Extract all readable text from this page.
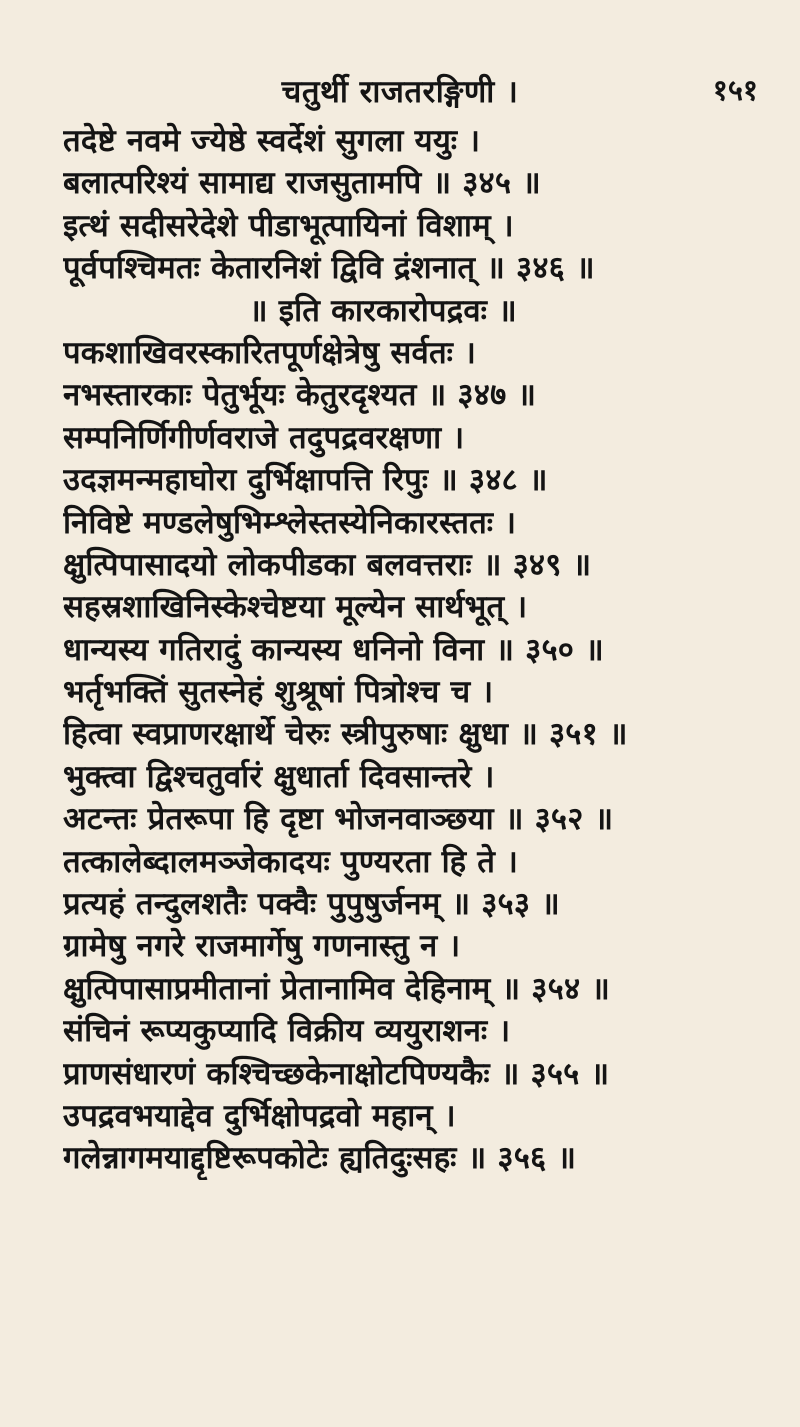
चतुर्थी राजतरङ्गिणी ।	१५१
तदेष्टे नवमे ज्येष्ठे स्वर्देशं सुगला ययुः ।
बलात्परिश्यं सामाद्य राजसुतामपि ॥ ३४५ ॥
इत्थं सदीसरेदेशे पीडाभूत्पायिनां विशाम् ।
पूर्वपश्चिमतः केतारनिशं द्विवि द्रंशनात् ॥ ३४६ ॥
॥ इति कारकारोपद्रवः ॥
पकशाखिवरस्कारितपूर्णक्षेत्रेषु सर्वतः ।
नभस्तारकाः पेतुर्भूयः केतुरदृश्यत ॥ ३४७ ॥
सम्पनिर्णिगीर्णवराजे तदुपद्रवरक्षणा ।
उदज्ञमन्महाघोरा दुर्भिक्षापत्ति रिपुः ॥ ३४८ ॥
निविष्टे मण्डलेषुभिम्श्लेस्तस्येनिकारस्ततः ।
क्षुत्पिपासादयो लोकपीडका बलवत्तराः ॥ ३४९ ॥
सहस्रशाखिनिस्केश्चेष्टया मूल्येन सार्थभूत् ।
धान्यस्य गतिरादुं कान्यस्य धनिनो विना ॥ ३५० ॥
भर्तृभक्तिं सुतस्नेहं शुश्रूषां पित्रोश्च च ।
हित्वा स्वप्राणरक्षार्थे चेरुः स्त्रीपुरुषाः क्षुधा ॥ ३५१ ॥
भुक्त्वा द्विश्चतुर्वारं क्षुधार्ता दिवसान्तरे ।
अटन्तः प्रेतरूपा हि दृष्टा भोजनवाञ्छया ॥ ३५२ ॥
तत्कालेब्दालमञ्जेकादयः पुण्यरता हि ते ।
प्रत्यहं तन्दुलशतैः पक्वैः पुपुषुर्जनम् ॥ ३५३ ॥
ग्रामेषु नगरे राजमार्गेषु गणनास्तु न ।
क्षुत्पिपासाप्रमीतानां प्रेतानामिव देहिनाम् ॥ ३५४ ॥
संचिनं रूप्यकुप्यादि विक्रीय व्ययुराशनः ।
प्राणसंधारणं कश्चिच्छकेनाक्षोटपिण्यकैः ॥ ३५५ ॥
उपद्रवभयाद्देव दुर्भिक्षोपद्रवो महान् ।
गलेन्नागमयाद्दृष्टिरूपकोटेः ह्यतिदुःसहः ॥ ३५६ ॥
